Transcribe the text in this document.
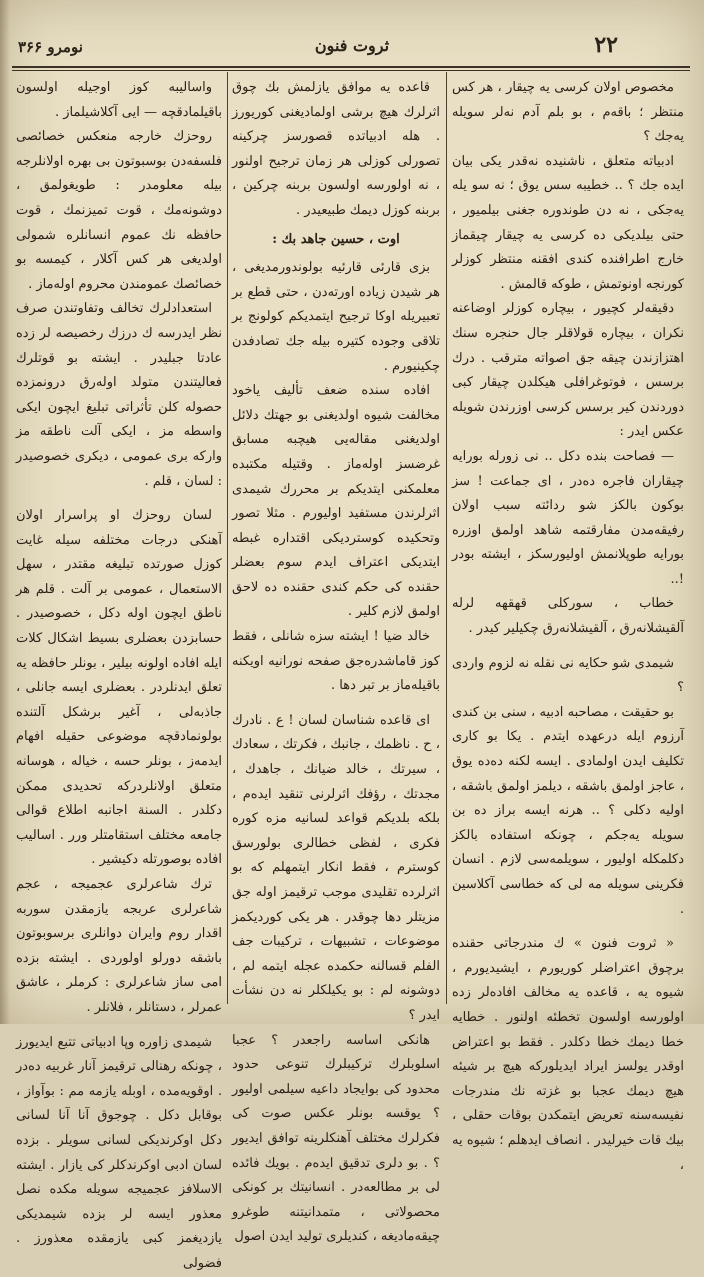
۲۲
ثروت فنون
نومرو ۳۶۶

مخصوص اولان كرسى يه چيقار ، هر كس منتظر ؛ باقەم ، بو بلم آدم نەلر سويله يەجك ؟

ادبياته متعلق ، ناشنيده نەقدر يكى بيان ايده جك ؟ .. خطيبه سس يوق ؛ نه سو يله يەجكى ، نه دن طوندورە جغنى بيلميور ، حتى بيلديكى ده كرسى يه چيقار چيقماز خارج اطرافنده كندى افقنه منتظر كوزلر كورنجە اونوتمش ، طوكه قالمش .

دقيقەلر كچيور ، بيچاره كوزلر اوضاعنه نكران ، بيچاره قولاقلر جال حنجره سنك اهتزازندن چيقه جق اصواته مترقب . درك برسس ، فوتوغرافلى هيكلدن چيقار كبى دوردندن كير برسس كرسى اوزرندن شويله عكس ايدر :

— فصاحت بنده دكل .. نى زورله بورايه چيقاران فاجره دەدر ، اى جماعت ! سز بوكون بالكز شو ردائته سبب اولان رفيقەمدن مفارقتمه شاهد اولمق اوزره بورايه طوپلانمش اوليورسكز ، ايشته بودر !..

خطاب ، سوركلى قهقهه لرله آلقيشلانەرق ، آلقيشلانەرق چكيلير كيدر .

شيمدى شو حكايه نى نقله نه لزوم واردى ؟

بو حقيقت ، مصاحبه ادبيه ، سنى بن كندى آرزوم ايله درعهده ايتدم . يكا بو كارى تكليف ايدن اولمادى . ايسه لكنه دەده يوق ، عاجز اولمق باشقه ، ديلمز اولمق باشقه ، اوليه دكلى ؟ .. هرنه ايسه براز ده بن سويله يەجكم ، چونكه استفاده بالكز دكلمكله اوليور ، سويلمەسى لازم . انسان فكرينى سويله مه لى كه خطاسى آكلاسين .

« ثروت فنون » ك مندرجاتى حقنده برچوق اعتراضلر كوريورم ، ايشيديورم ، شيوه يه ، قاعده يه مخالف افادەلر زده اولورسه اولسون تخطئه اولنور . خطايه خطا ديمك خطا دكلدر . فقط بو اعتراض اوقدر يولسز ايراد ايديلوركه هيچ بر شيئه هيچ ديمك عجبا بو غزته نك مندرجات نفيسەسنه تعريض ايتمكدن بوقات حقلى ، بيك قات خيرليدر . انصاف ايدهلم ؛ شيوه يه ،

قاعده يه موافق يازلمش بك چوق اثرلرك هيچ برشى اولماديغنى كوريورز . هله ادبياتده قصورسز چركينه تصورلى كوزلى هر زمان ترجيح اولنور ، نه اولورسه اولسون بربنه چركين ، بربنه كوزل ديمك طبيعيدر .

اوت ، حسين جاهد بك :

بزى قارئى قارئيه بولوندورمديغى ، هر شيدن زياده اورتەدن ، حتى قطع بر تعبيريله اوكا ترجيح ايتمديكم كولونج بر تلاقى وجوده كتيره بيله جك تصادفدن چكينيورم .

افاده سنده ضعف تأليف ياخود مخالفت شيوه اولديغنى بو جهتك دلائل اولديغنى مقالەيى هيچبه مسابق غرضسز اولەماز . وقتيله مكتبده معلمكنى ايتديكم بر محررك شيمدى اثرلرندن مستفيد اوليورم . مثلا تصور وتحكيده كوسترديكى اقتداره غبطه ايتديكى اعتراف ايدم سوم بعضلر حقنده كى حكم كندى حقنده ده لاحق اولمق لازم كلير .

خالد ضيا ! ايشته سزه شانلى ، فقط كوز قاماشدرەجق صفحه نورانيه اويكنه باقيلەماز بر تبر دها .

اى قاعده شناسان لسان ! ع . نادرك ، ح . ناظمك ، جانبك ، فكرتك ، سعادك ، سيرتك ، خالد ضيانك ، جاهدك ، مجدتك ، رؤفك اثرلرنى تنقيد ايدەم ، بلكه بلديكم قواعد لسانيه مزه كوره فكرى ، لفظى خطالرى بولورسق كوسترم ، فقط انكار ايتمهلم كه بو اثرلرده تقليدى موجب ترقيمز اوله جق مزيتلر دها چوقدر . هر يكى كورديكمز موضوعات ، تشبيهات ، تركيبات جف الفلم قسالنه حكمده عجله ايتمه لم ، دوشونه لم : بو يكيلكلر نه دن نشأت ايدر ؟

هانكى اساسه راجعدر ؟ عجبا اسلوبلرك تركيبلرك تنوعى حدود محدود كى بوايجاد داعيه سيلمى اوليور ؟ يوقسه بونلر عكس صوت كى فكرلرك مختلف آهنكلرينه توافق ايديور ؟ . بو دلرى تدقيق ايدەم . بويك فائده لى بر مطالعەدر . انسانيتك بر كونكى محصولاتى ، متمدانيتنه طوغرو چيقەماديغه ، كنديلرى توليد ايدن اصول

واساليبه كوز اوجيله اولسون باقيلمادقچه — ايى آكلاشيلماز .

روحزك خارجه منعكس خصائصى فلسفەدن بوسبوتون بى بهره اولانلرجه بيله معلومدر : طويغولمق ، دوشونەمك ، قوت تميزنمك ، قوت حافظه نك عموم انسانلره شمولى اولديغى هر كس آكلار ، كيمسه بو خصائصك عمومندن محروم اولەماز .

استعدادلرك تخالف وتفاوتندن صرف نظر ايدرسه ك درزك رخصيصه لر زده عادتا جبليدر . ايشته بو قوتلرك فعاليتندن متولد اولەرق درونمزده حصوله كلن تأثراتى تبليغ ايچون ايكى واسطه مز ، ايكى آلت ناطقه مز واركه برى عمومى ، ديكرى خصوصيدر : لسان ، قلم .

لسان روحزك او پراسرار اولان آهنكى درجات مختلفه سيله غايت كوزل صورتده تبليغه مقتدر ، سهل الاستعمال ، عمومى بر آلت . قلم هر ناطق ايچون اوله دكل ، خصوصيدر . حسابزدن بعضلرى بسيط اشكال كلات ايله افاده اولونه بيلير ، بونلر حافظه يه تعلق ايدنلردر . بعضلرى ايسه جانلى ، جاذبەلى ، آغير برشكل آلتنده بولونمادقچه موضوعى حقيله افهام ايدمەز ، بونلر حسه ، خياله ، هوسانه متعلق اولانلردركه تحديدى ممكن دكلدر . السنة اجانبه اطلاع قوالى جامعه مختلف استقامتلر ورر . اساليب افاده بوصورتله دكيشير .

ترك شاعرلرى عجميجه ، عجم شاعرلرى عربجه يازمقدن سوربه اقدار روم وايران دوانلرى برسوبوتون باشقه دورلو اولوردى . ايشته بزده امى ساز شاعرلرى : كرملر ، عاشق عمرلر ، دستانلر ، فلانلر .

شيمدى زاوره وپا ادبياتى تتبع ايديورز ، چونكه رهنالى ترقيمز آنار غربيه دەدر . اوقويەمدە ، اوبله يازمه مم : بوآواز ، بوقابل دكل . چوجوق آنا آنا لسانى دكل اوكرنديكى لسانى سويلر . بزده لسان ادبى اوكرندكلر كى يازار . ايشته الاسلافز عجميجه سويله مكده نصل معذور ايسه لر بزده شيمديكى يازديغمز كبى يازمقده معذورز . فضولى
